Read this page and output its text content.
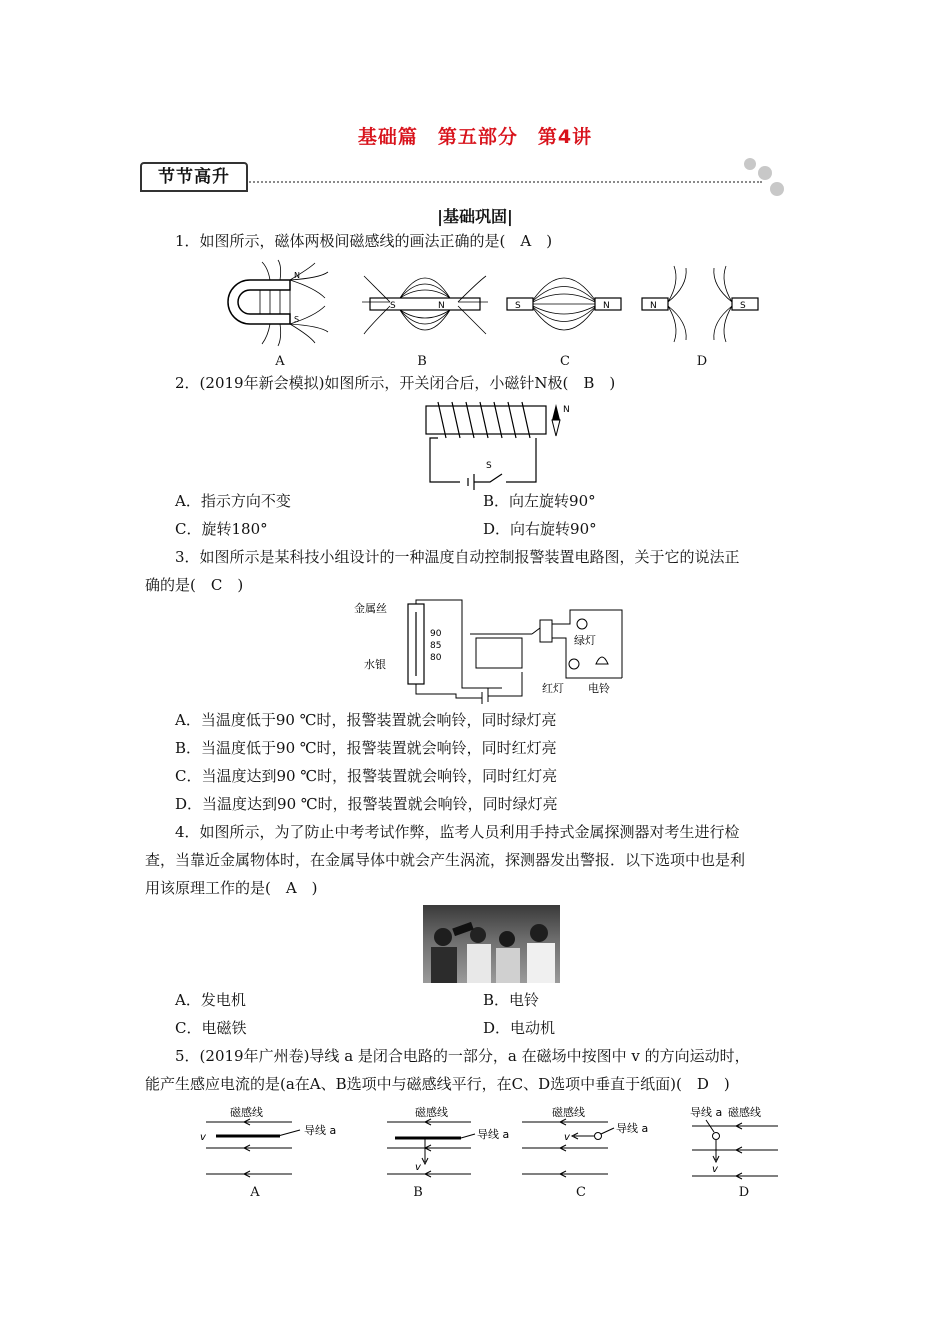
基础篇　第五部分　第4讲
节节高升
|基础巩固|
1．如图所示，磁体两极间磁感线的画法正确的是(　A　)
N
S
A
S	N
B
S	N
C
N	S
D
2．(2019年新会模拟)如图所示，开关闭合后，小磁针N极(　B　)
N
S
A．指示方向不变	B．向左旋转90°
C．旋转180°	D．向右旋转90°
3．如图所示是某科技小组设计的一种温度自动控制报警装置电路图，关于它的说法正
确的是(　C　)
金属丝
水银
90
85
80
绿灯
红灯 电铃
A．当温度低于90 ℃时，报警装置就会响铃，同时绿灯亮
B．当温度低于90 ℃时，报警装置就会响铃，同时红灯亮
C．当温度达到90 ℃时，报警装置就会响铃，同时红灯亮
D．当温度达到90 ℃时，报警装置就会响铃，同时绿灯亮
4．如图所示，为了防止中考考试作弊，监考人员利用手持式金属探测器对考生进行检
查，当靠近金属物体时，在金属导体中就会产生涡流，探测器发出警报．以下选项中也是利
用该原理工作的是(　A　)
A．发电机	B．电铃
C．电磁铁	D．电动机
5．(2019年广州卷)导线 a 是闭合电路的一部分，a 在磁场中按图中 v 的方向运动时，
能产生感应电流的是(a在A、B选项中与磁感线平行，在C、D选项中垂直于纸面)(　D　)
磁感线
导线 a
v
A
磁感线
导线 a
v
B
磁感线
导线 a
v
C
导线 a 磁感线
v
D
